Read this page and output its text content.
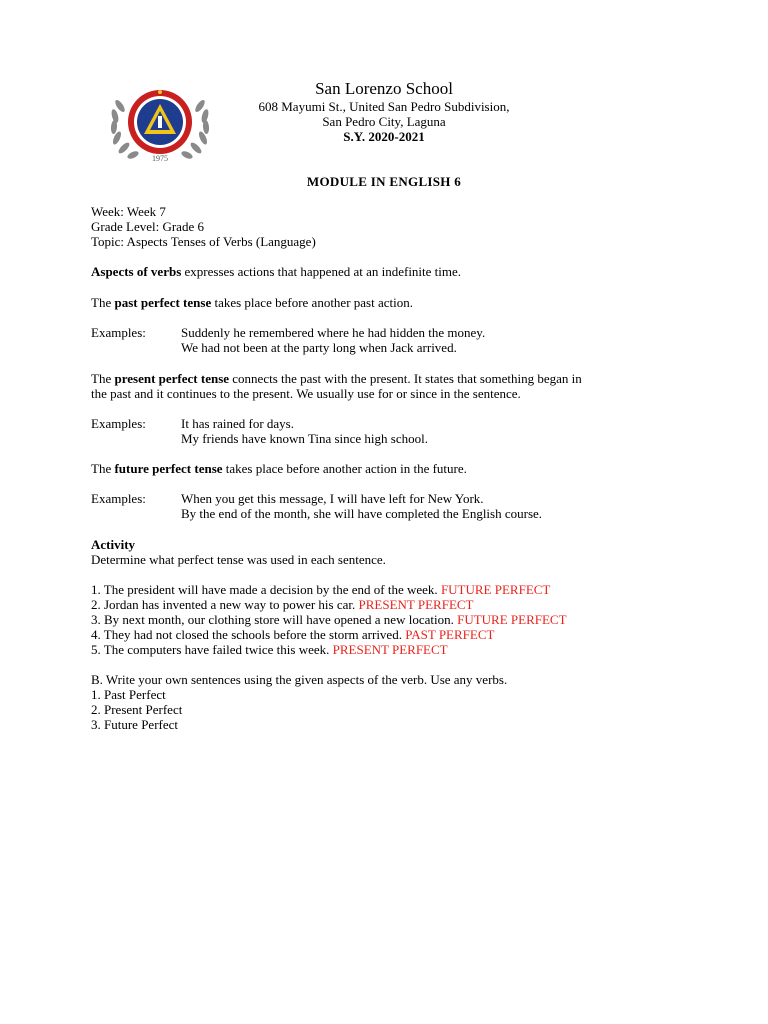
1975
San Lorenzo School
608 Mayumi St., United San Pedro Subdivision,
San Pedro City, Laguna
S.Y. 2020-2021
MODULE IN ENGLISH 6
Week: Week 7
Grade Level: Grade 6
Topic: Aspects Tenses of Verbs (Language)
Aspects of verbs expresses actions that happened at an indefinite time.
The past perfect tense takes place before another past action.
Examples:	Suddenly he remembered where he had hidden the money.
We had not been at the party long when Jack arrived.
The present perfect tense connects the past with the present. It states that something began in
the past and it continues to the present. We usually use for or since in the sentence.
Examples:	It has rained for days.
My friends have known Tina since high school.
The future perfect tense takes place before another action in the future.
Examples:	When you get this message, I will have left for New York.
By the end of the month, she will have completed the English course.
Activity
Determine what perfect tense was used in each sentence.
1. The president will have made a decision by the end of the week. FUTURE PERFECT
2. Jordan has invented a new way to power his car. PRESENT PERFECT
3. By next month, our clothing store will have opened a new location. FUTURE PERFECT
4. They had not closed the schools before the storm arrived. PAST PERFECT
5. The computers have failed twice this week. PRESENT PERFECT
B. Write your own sentences using the given aspects of the verb. Use any verbs.
1. Past Perfect
2. Present Perfect
3. Future Perfect
